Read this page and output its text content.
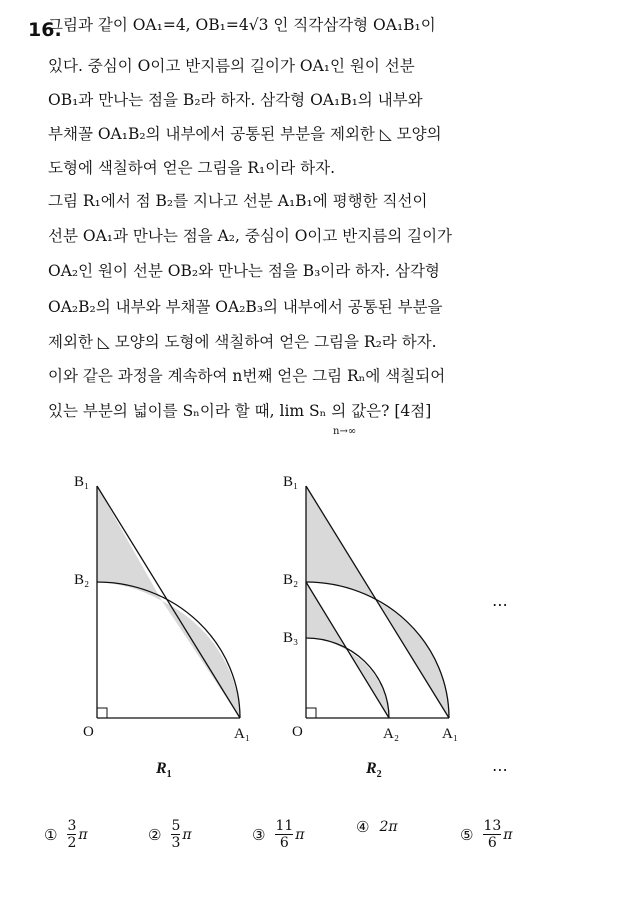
16.
그림과 같이 OA₁=4, OB₁=4√3 인 직각삼각형 OA₁B₁이
있다. 중심이 O이고 반지름의 길이가 OA₁인 원이 선분
OB₁과 만나는 점을 B₂라 하자. 삼각형 OA₁B₁의 내부와
부채꼴 OA₁B₂의 내부에서 공통된 부분을 제외한 ◺ 모양의
도형에 색칠하여 얻은 그림을 R₁이라 하자.
그림 R₁에서 점 B₂를 지나고 선분 A₁B₁에 평행한 직선이
선분 OA₁과 만나는 점을 A₂, 중심이 O이고 반지름의 길이가
OA₂인 원이 선분 OB₂와 만나는 점을 B₃이라 하자. 삼각형
OA₂B₂의 내부와 부채꼴 OA₂B₃의 내부에서 공통된 부분을
제외한 ◺ 모양의 도형에 색칠하여 얻은 그림을 R₂라 하자.
이와 같은 과정을 계속하여 n번째 얻은 그림 Rₙ에 색칠되어
있는 부분의 넓이를 Sₙ이라 할 때, lim Sₙ 의 값은? [4점]
n→∞
B₁
B₂
O	A₁
B₁
B₂
B₃
O	A₂	A₁
⋯
$R_1$	$R_2$	⋯
① $\frac{3}{2}$ π	② $\frac{5}{3}$ π	③ $\frac{11}{6}$ π	④ 2π	⑤ $\frac{13}{6}$ π
